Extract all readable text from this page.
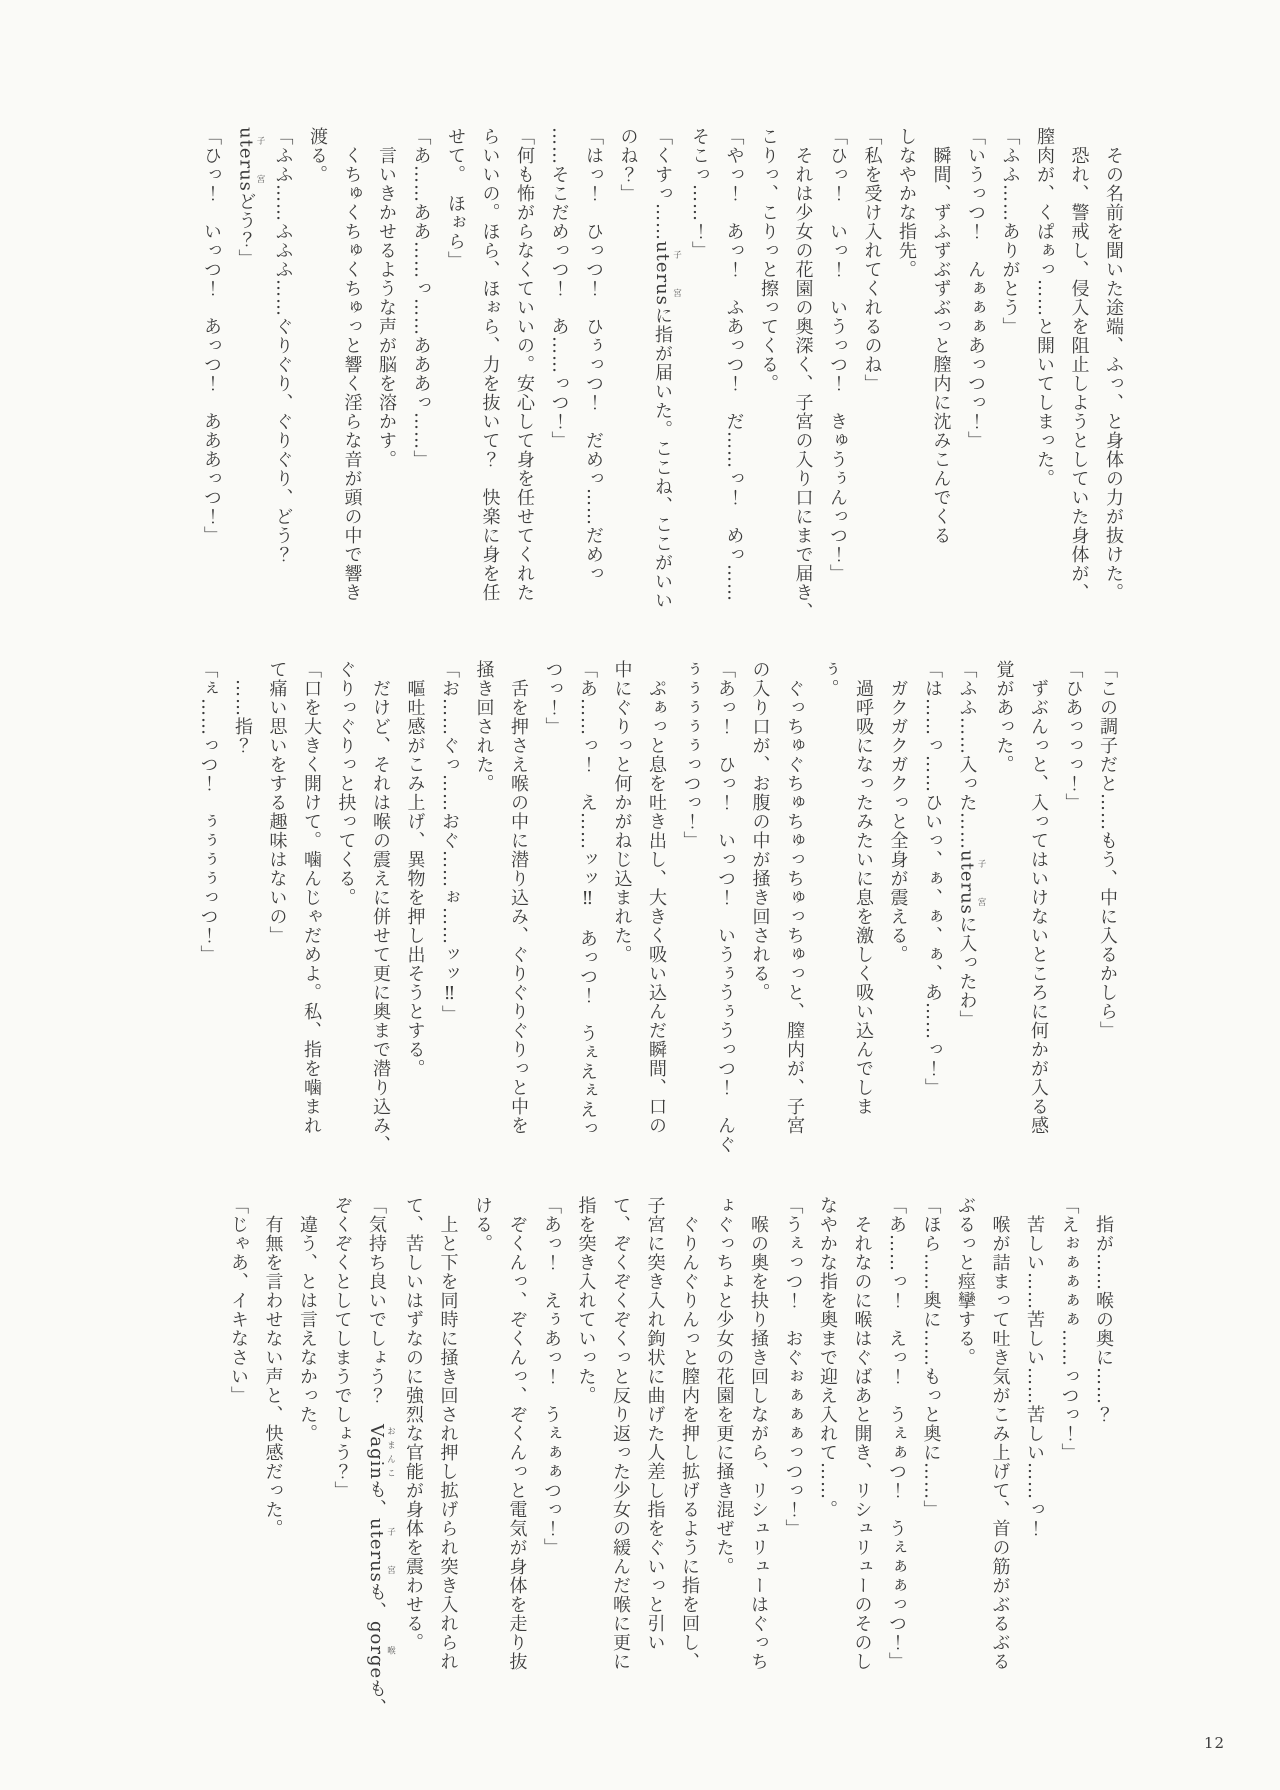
　その名前を聞いた途端、ふっ、と身体の力が抜けた。

　恐れ、警戒し、侵入を阻止しようとしていた身体が、

膣肉が、くぱぁっ……と開いてしまった。

「ふふ……ありがとう」

「いうっつ！　んぁぁぁあっつっ！」

　瞬間、ずふずぶずぶっと膣内に沈みこんでくる

しなやかな指先。

「私を受け入れてくれるのね」

「ひっ！　いっ！　いうっつ！　きゅうぅんっつ！」

　それは少女の花園の奥深く、子宮の入り口にまで届き、

こりっ、こりっと擦ってくる。

「やっ！　あっ！　ふあっつ！　だ……っ！　めっ……

そこっ……！」

「くすっ……uterus子宮に指が届いた。ここね、ここがいい

のね？」

「はっ！　ひっつ！　ひぅっつ！　だめっ……だめっ

……そこだめっつ！　あ……っつ！」

「何も怖がらなくていいの。安心して身を任せてくれた

らいいの。ほら、ほぉら、力を抜いて？　快楽に身を任

せて。　ほぉら」

「あ……ああ……っ……あああっ……」

　言いきかせるような声が脳を溶かす。

　くちゅくちゅくちゅっと響く淫らな音が頭の中で響き

渡る。

「ふふ……ふふふ……ぐりぐり、ぐりぐり、どう？

uterus子宮どう？」

「ひっ！　いっつ！　あっつ！　あああっつ！」

「この調子だと……もう、中に入るかしら」

「ひあっっっ！」

　ずぶんっと、入ってはいけないところに何かが入る感

覚があった。

「ふふ……入った……uterus子宮に入ったわ」

「は……っ……ひいっ、ぁ、ぁ、ぁ、あ……っ！」

　ガクガクガクっと全身が震える。

　過呼吸になったみたいに息を激しく吸い込んでしま

ぅ。

　ぐっちゅぐちゅちゅっちゅっちゅっと、膣内が、子宮

の入り口が、お腹の中が掻き回される。

「あっ！　ひっ！　いっつ！　いうぅうぅうっつ！　んぐ

ぅぅぅぅぅっつっ！」

　ぷぁっと息を吐き出し、大きく吸い込んだ瞬間、口の

中にぐりっと何かがねじ込まれた。

「あ……っ！　え……ッッ‼　あっつ！　うぇえぇえっ

つっ！」

　舌を押さえ喉の中に潜り込み、ぐりぐりぐりっと中を

掻き回された。

「お……ぐっ……おぐ……ぉ……ッッ‼」

　嘔吐感がこみ上げ、異物を押し出そうとする。

　だけど、それは喉の震えに併せて更に奥まで潜り込み、

ぐりっぐりっと抉ってくる。

「口を大きく開けて。噛んじゃだめよ。私、指を噛まれ

て痛い思いをする趣味はないの」

　……指？

「ぇ……っつ！　ぅぅぅぅっつ！」

　指が……喉の奥に……？

「えぉぁぁぁぁ……っつっ！」

　苦しい……苦しい……苦しい……っ！

　喉が詰まって吐き気がこみ上げて、首の筋がぶるぶる

ぶるっと痙攣する。

「ほら……奥に……もっと奥に……」

「あ……っ！　えっ！　うぇぁつ！　うぇぁぁっつ！」

　それなのに喉はぐばあと開き、リシュリューのそのし

なやかな指を奥まで迎え入れて……。

「うぇっつ！　おぐぉぁぁぁっつっ！」

　喉の奥を抉り掻き回しながら、リシュリューはぐっち

ょぐっちょと少女の花園を更に掻き混ぜた。

　ぐりんぐりんっと膣内を押し拡げるように指を回し、

子宮に突き入れ鉤状に曲げた人差し指をぐいっと引い

て、ぞくぞくぞくっと反り返った少女の緩んだ喉に更に

指を突き入れていった。

「あっ！　えぅあっ！　うぇぁぁつっ！」

　ぞくんっ、ぞくんっ、ぞくんっと電気が身体を走り抜

ける。

　上と下を同時に掻き回され押し拡げられ突き入れられ

て、苦しいはずなのに強烈な官能が身体を震わせる。

「気持ち良いでしょう？　Vaginおまんこも、uterus子宮も、gorge喉も、

ぞくぞくとしてしまうでしょう？」

　違う、とは言えなかった。

　有無を言わせない声と、快感だった。

「じゃあ、イキなさい」

12
